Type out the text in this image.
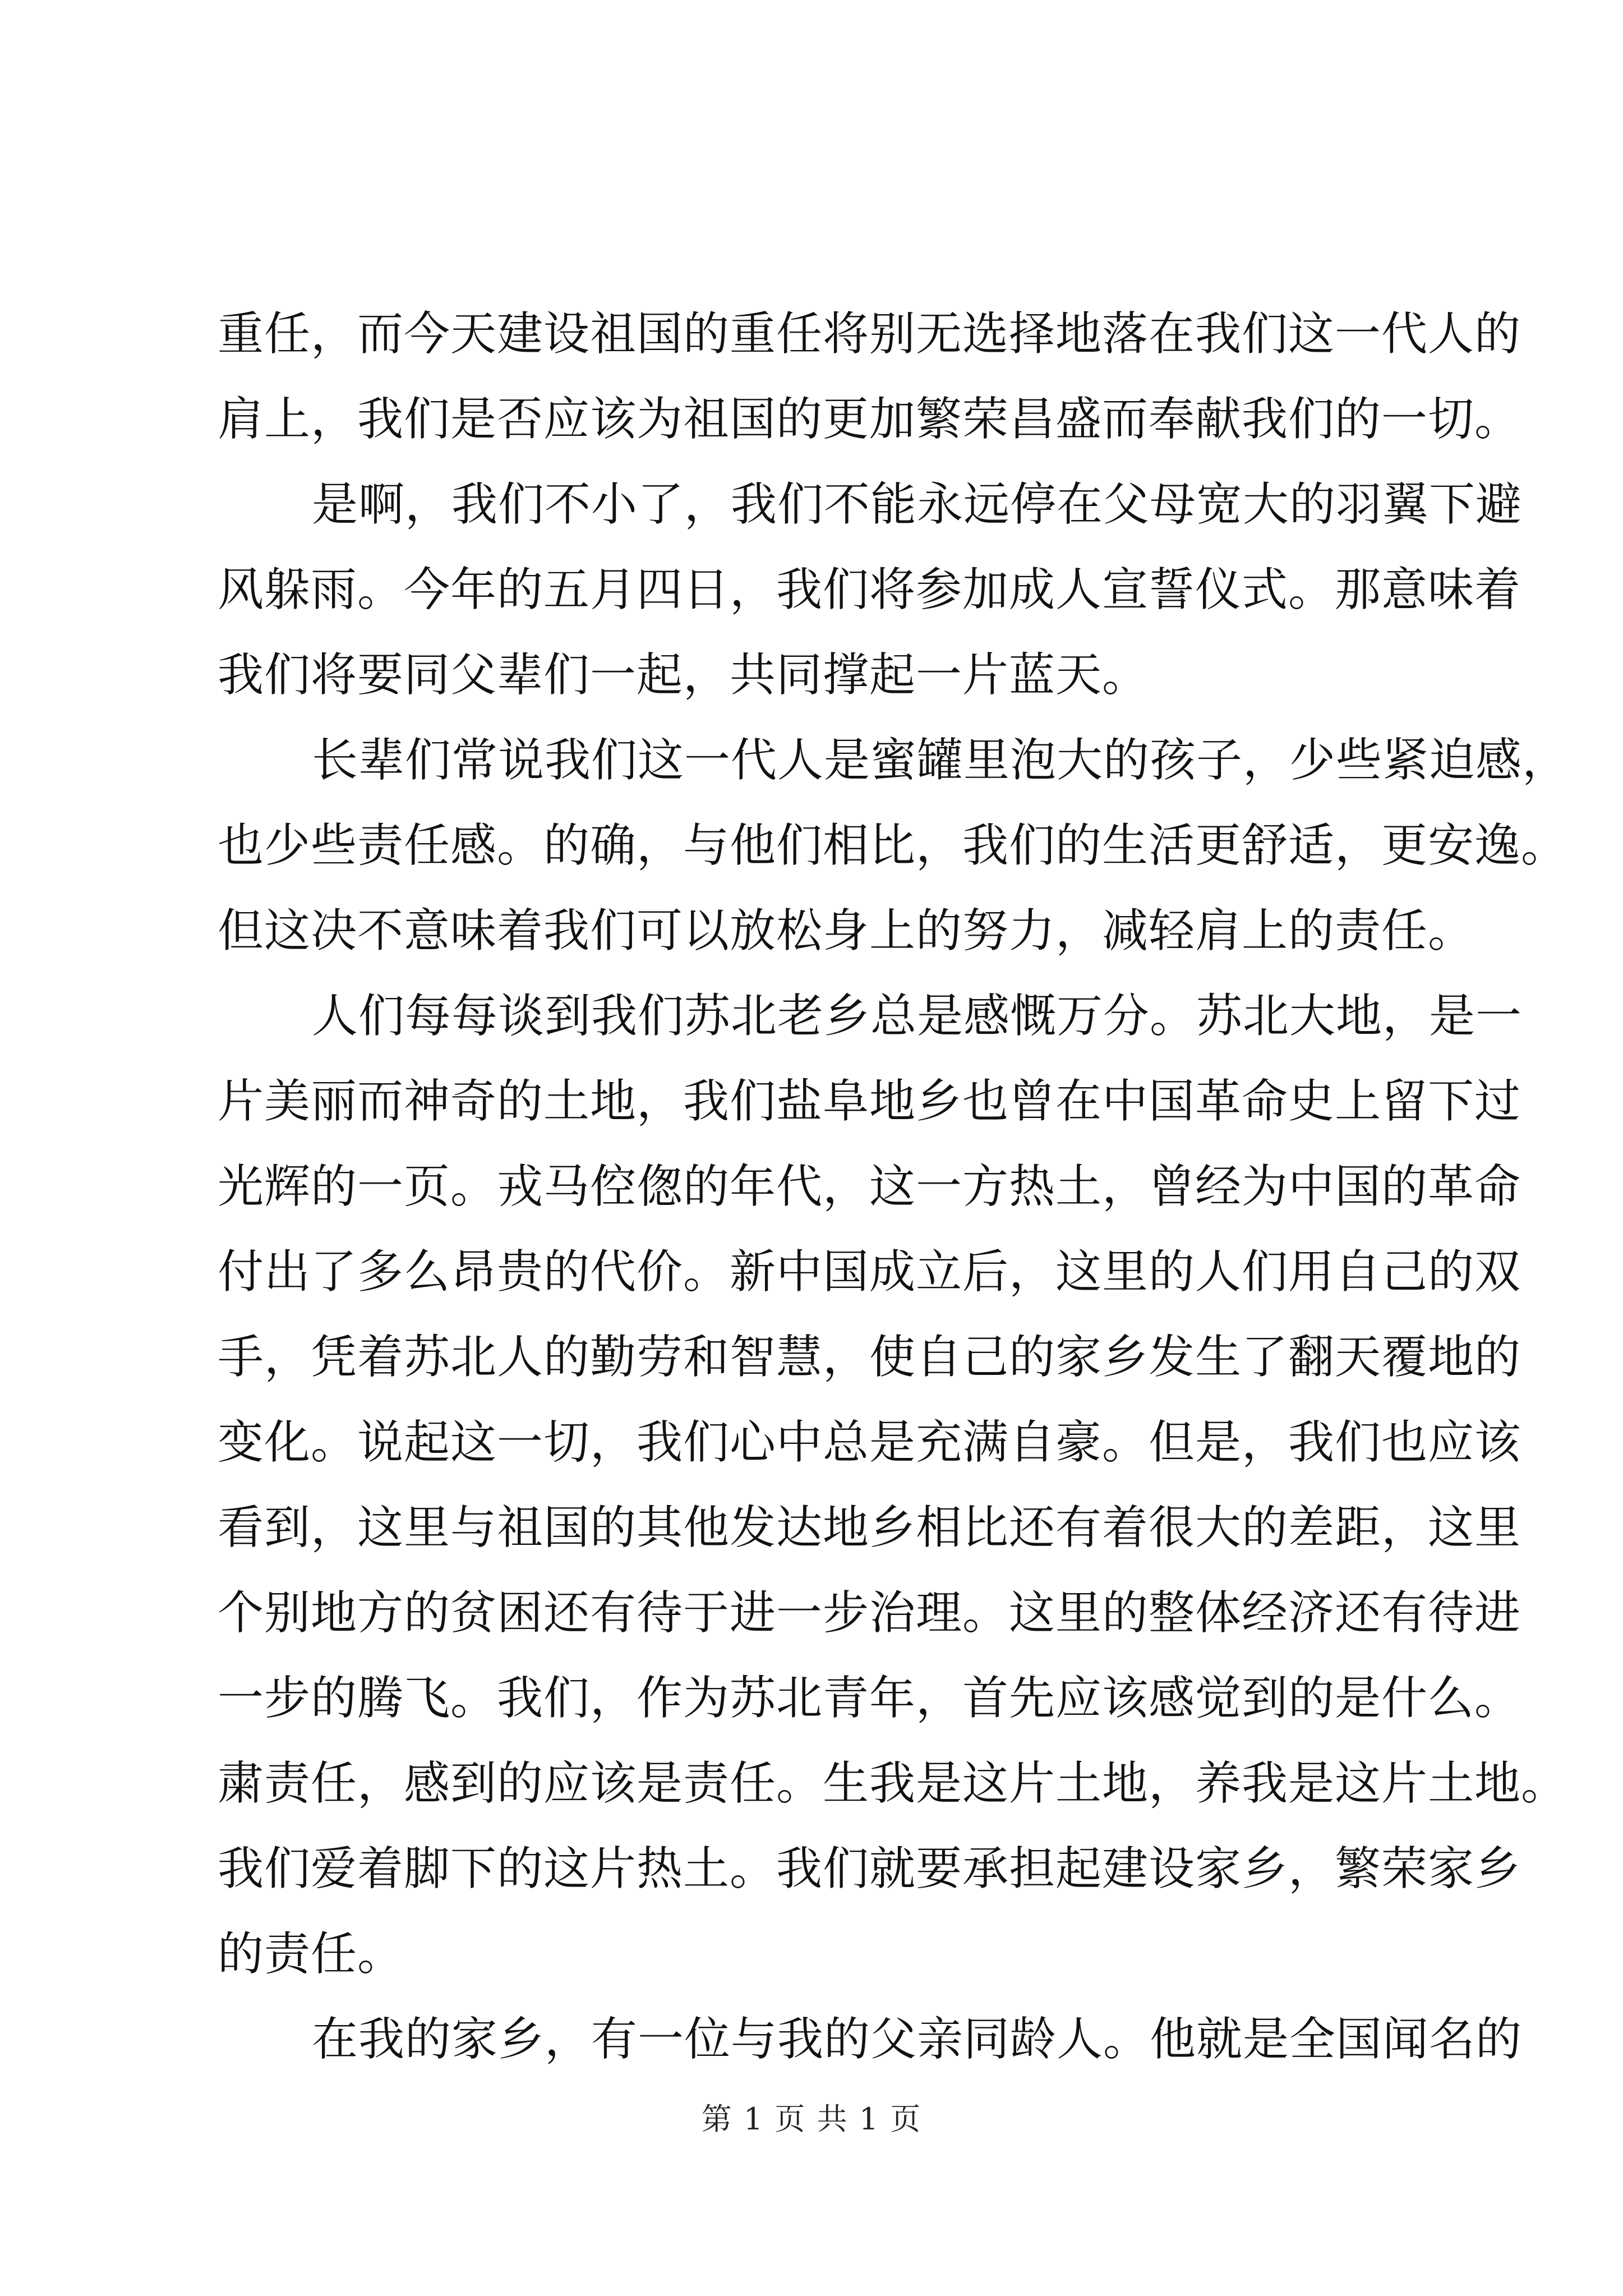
重任，而今天建设祖国的重任将别无选择地落在我们这一代人的
肩上，我们是否应该为祖国的更加繁荣昌盛而奉献我们的一切。
是啊，我们不小了，我们不能永远停在父母宽大的羽翼下避
风躲雨。今年的五月四日，我们将参加成人宣誓仪式。那意味着
我们将要同父辈们一起，共同撑起一片蓝天。
长辈们常说我们这一代人是蜜罐里泡大的孩子，少些紧迫感，
也少些责任感。的确，与他们相比，我们的生活更舒适，更安逸。
但这决不意味着我们可以放松身上的努力，减轻肩上的责任。
人们每每谈到我们苏北老乡总是感慨万分。苏北大地，是一
片美丽而神奇的土地，我们盐阜地乡也曾在中国革命史上留下过
光辉的一页。戎马倥偬的年代，这一方热土，曾经为中国的革命
付出了多么昂贵的代价。新中国成立后，这里的人们用自己的双
手，凭着苏北人的勤劳和智慧，使自己的家乡发生了翻天覆地的
变化。说起这一切，我们心中总是充满自豪。但是，我们也应该
看到，这里与祖国的其他发达地乡相比还有着很大的差距，这里
个别地方的贫困还有待于进一步治理。这里的整体经济还有待进
一步的腾飞。我们，作为苏北青年，首先应该感觉到的是什么。
粛责任，感到的应该是责任。生我是这片土地，养我是这片土地。
我们爱着脚下的这片热土。我们就要承担起建设家乡，繁荣家乡
的责任。
在我的家乡，有一位与我的父亲同龄人。他就是全国闻名的
第 1 页 共 1 页
